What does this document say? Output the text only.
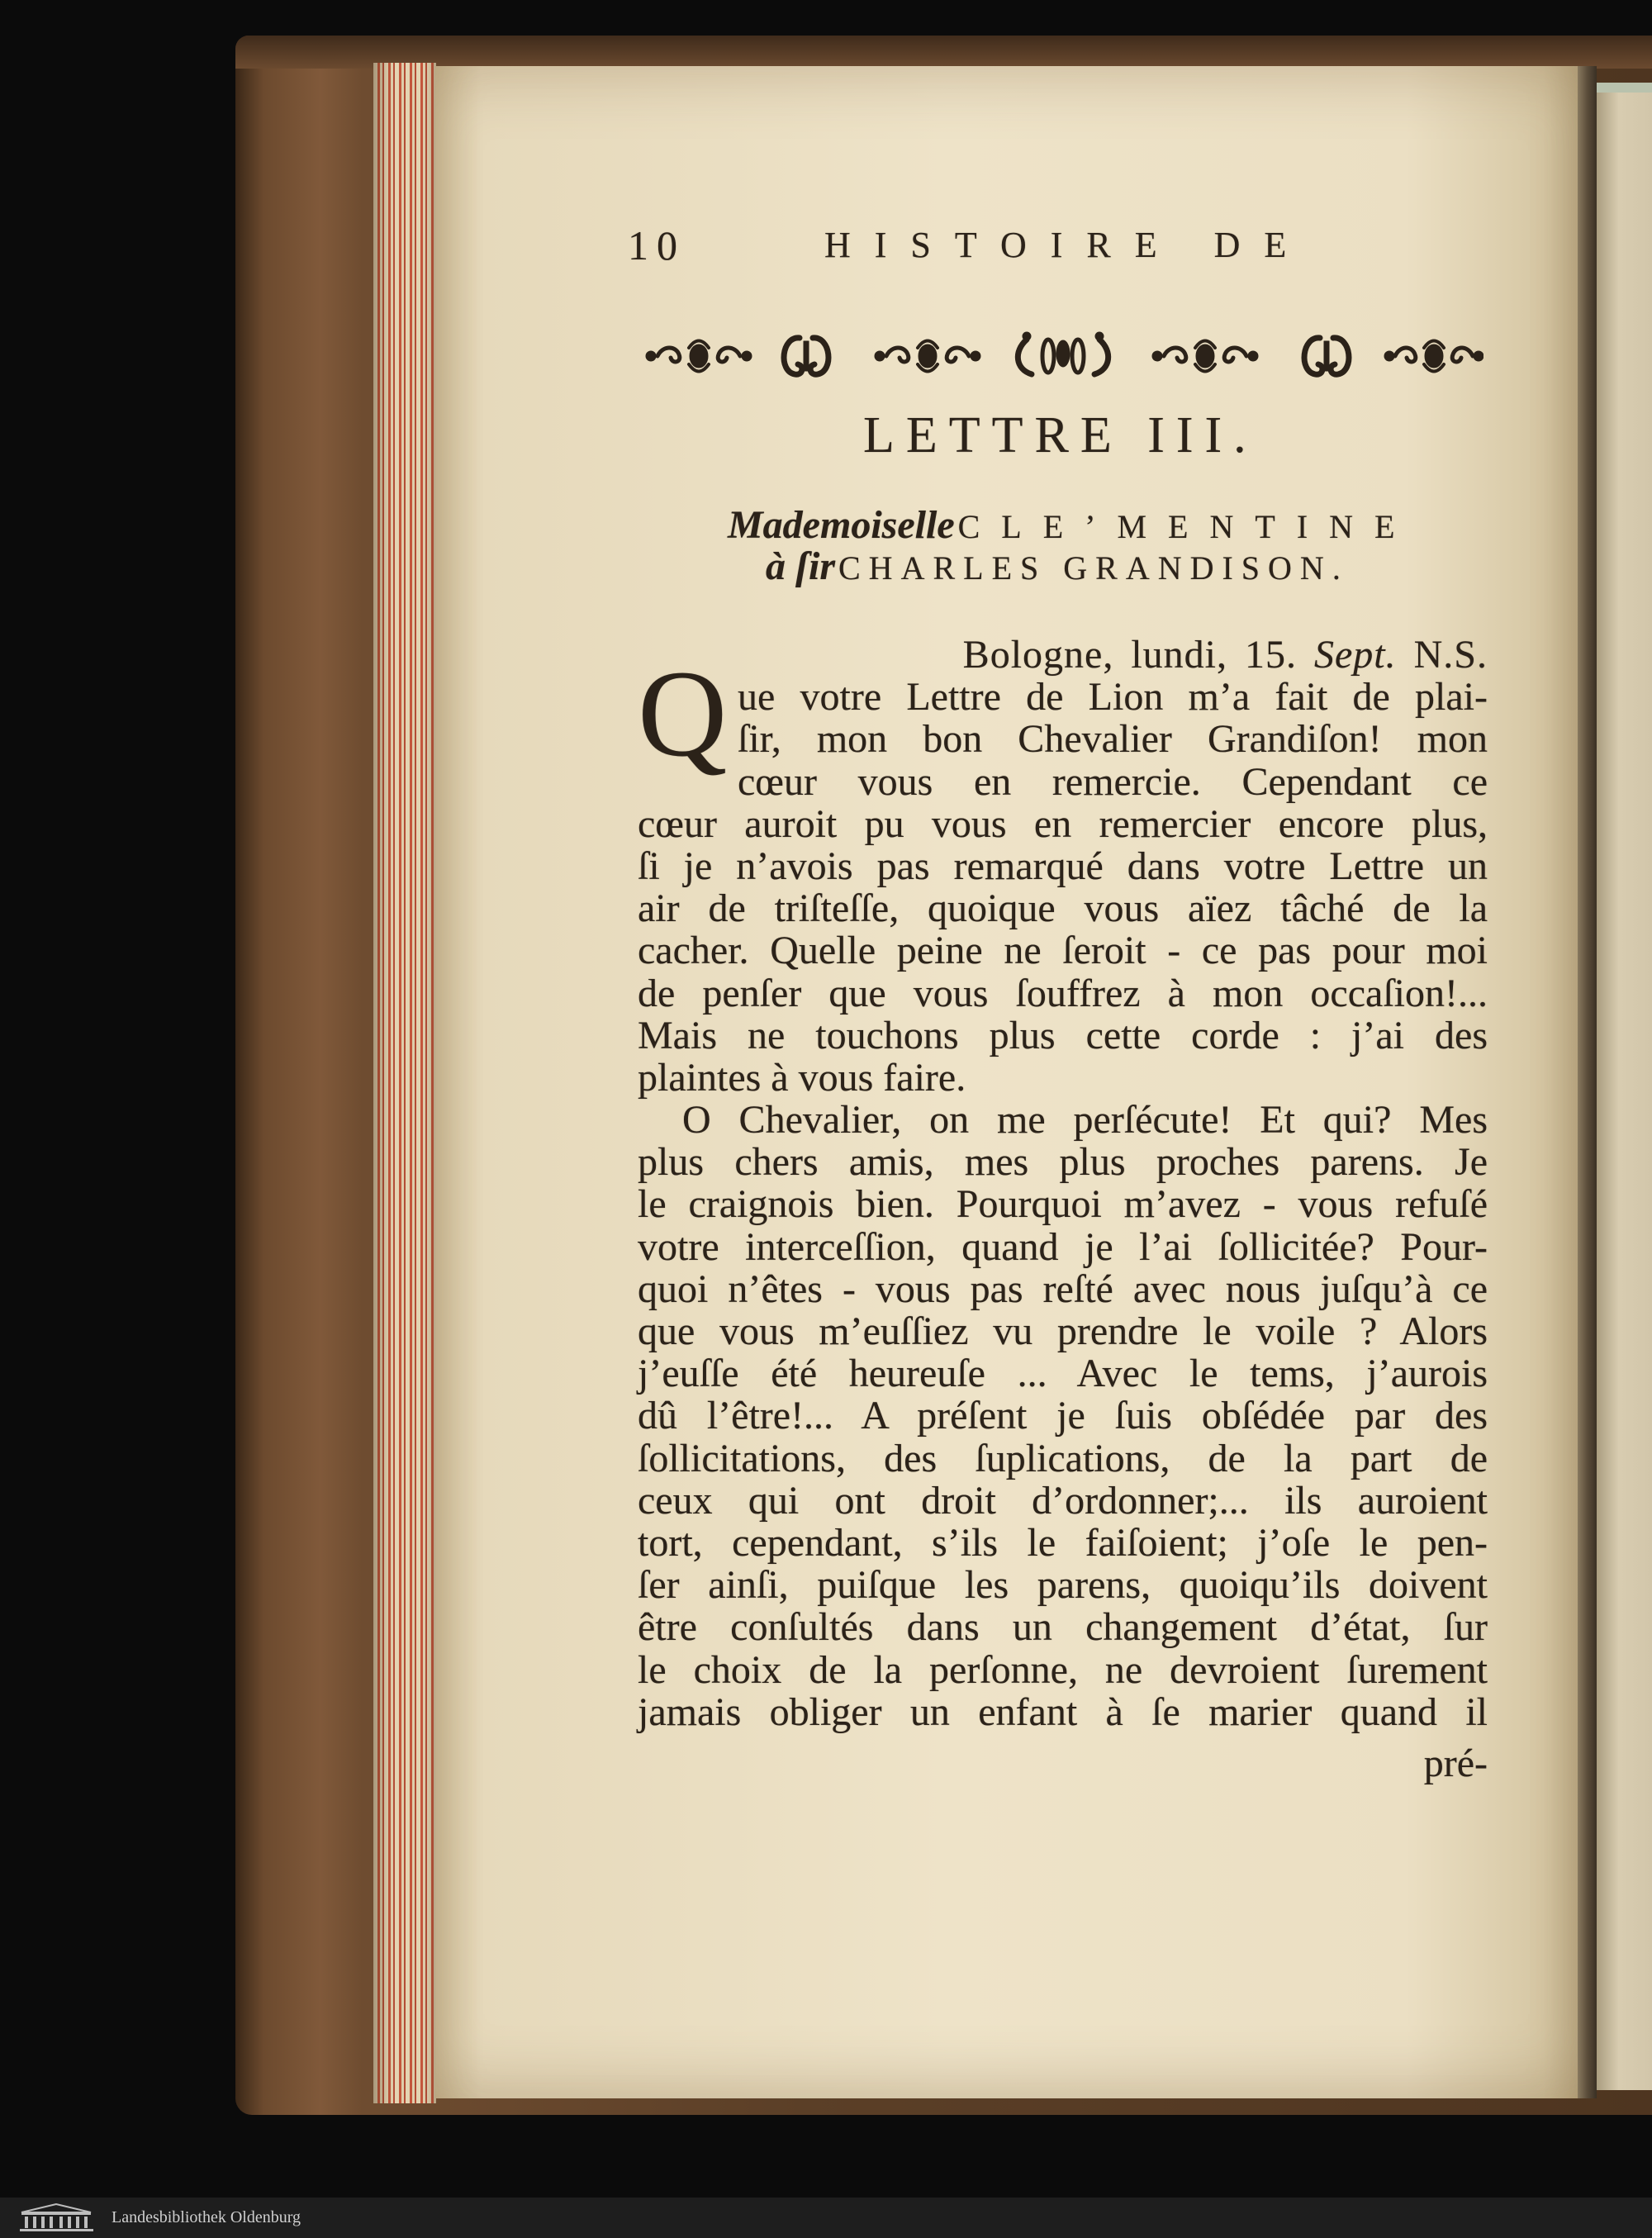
10	HISTOIRE DE
LETTRE III.
Mademoiselle CLE’MENTINE
à ſir CHARLES GRANDISON.
Q	Bologne, lundi, 15. Sept. N.S.
ue votre Lettre de Lion m’a fait de plai-
ſir, mon bon Chevalier Grandiſon! mon
cœur vous en remercie. Cependant ce
cœur auroit pu vous en remercier encore plus,
ſi je n’avois pas remarqué dans votre Lettre un
air de triſteſſe, quoique vous aïez tâché de la
cacher. Quelle peine ne ſeroit - ce pas pour moi
de penſer que vous ſouffrez à mon occaſion!...
Mais ne touchons plus cette corde : j’ai des
plaintes à vous faire.
O Chevalier, on me perſécute! Et qui? Mes
plus chers amis, mes plus proches parens. Je
le craignois bien. Pourquoi m’avez - vous refuſé
votre interceſſion, quand je l’ai ſollicitée? Pour-
quoi n’êtes - vous pas reſté avec nous juſqu’à ce
que vous m’euſſiez vu prendre le voile ? Alors
j’euſſe été heureuſe ... Avec le tems, j’aurois
dû l’être!... A préſent je ſuis obſédée par des
ſollicitations, des ſuplications, de la part de
ceux qui ont droit d’ordonner;... ils auroient
tort, cependant, s’ils le faiſoient; j’oſe le pen-
ſer ainſi, puiſque les parens, quoiqu’ils doivent
être conſultés dans un changement d’état, ſur
le choix de la perſonne, ne devroient ſurement
jamais obliger un enfant à ſe marier quand il
pré-
Landesbibliothek Oldenburg
